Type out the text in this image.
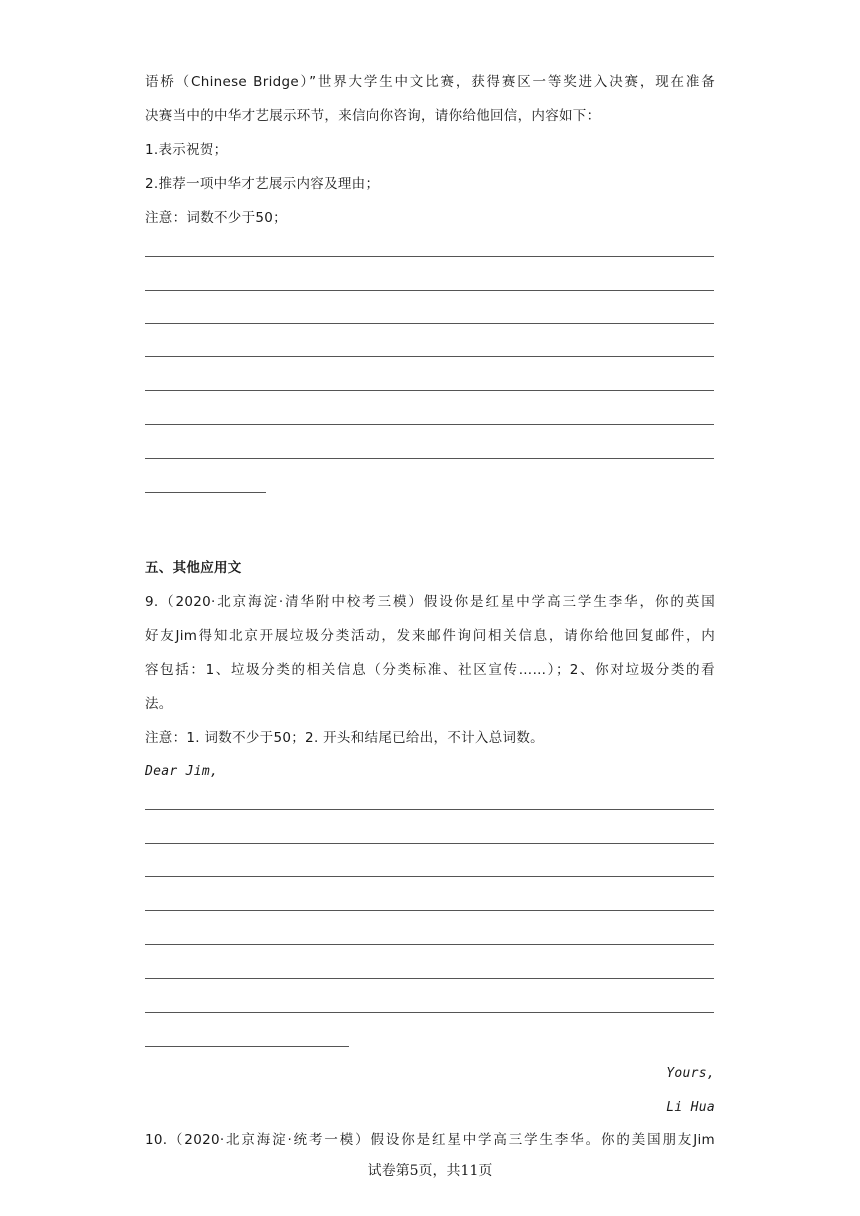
语桥（Chinese Bridge）”世界大学生中文比赛，获得赛区一等奖进入决赛，现在准备
决赛当中的中华才艺展示环节，来信向你咨询，请你给他回信，内容如下：
1.表示祝贺；
2.推荐一项中华才艺展示内容及理由；
注意：词数不少于50；
五、其他应用文
9.（2020·北京海淀·清华附中校考三模）假设你是红星中学高三学生李华，你的英国
好友Jim得知北京开展垃圾分类活动，发来邮件询问相关信息，请你给他回复邮件，内
容包括：1、垃圾分类的相关信息（分类标准、社区宣传……）；2、你对垃圾分类的看
法。
注意：1. 词数不少于50；2. 开头和结尾已给出，不计入总词数。
Dear Jim,
Yours,
Li Hua
10.（2020·北京海淀·统考一模）假设你是红星中学高三学生李华。你的美国朋友Jim
试卷第5页，共11页
